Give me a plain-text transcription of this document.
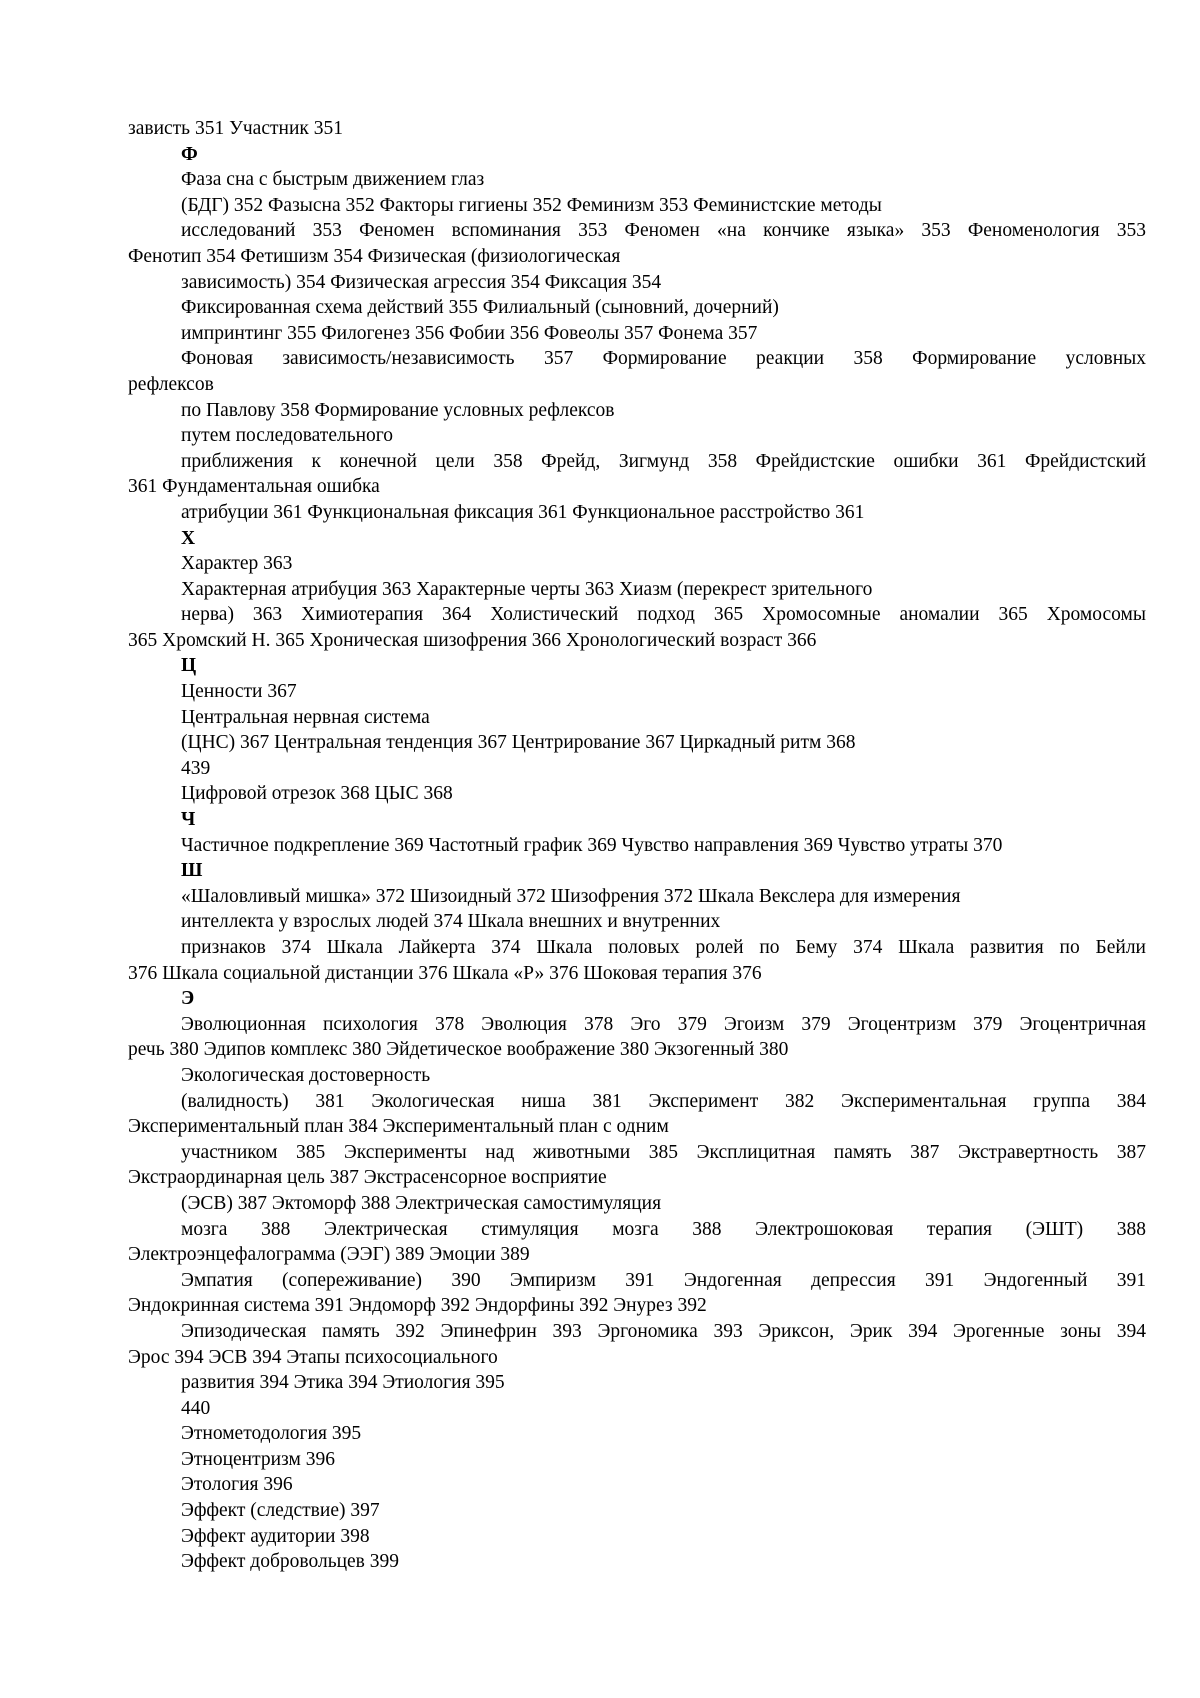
зависть 351 Участник 351
Ф
Фаза сна с быстрым движением глаз
(БДГ) 352 Фазысна 352 Факторы гигиены 352 Феминизм 353 Феминистские методы
исследований 353 Феномен вспоминания 353 Феномен «на кончике языка» 353 Феноменология 353
Фенотип 354 Фетишизм 354 Физическая (физиологическая
зависимость) 354 Физическая агрессия 354 Фиксация 354
Фиксированная схема действий 355 Филиальный (сыновний, дочерний)
импринтинг 355 Филогенез 356 Фобии 356 Фовеолы 357 Фонема 357
Фоновая зависимость/независимость 357 Формирование реакции 358 Формирование условных
рефлексов
по Павлову 358 Формирование условных рефлексов
путем последовательного
приближения к конечной цели 358 Фрейд, Зигмунд 358 Фрейдистские ошибки 361 Фрейдистский
361 Фундаментальная ошибка
атрибуции 361 Функциональная фиксация 361 Функциональное расстройство 361
Х
Характер 363
Характерная атрибуция 363 Характерные черты 363 Хиазм (перекрест зрительного
нерва) 363 Химиотерапия 364 Холистический подход 365 Хромосомные аномалии 365 Хромосомы
365 Хромский Н. 365 Хроническая шизофрения 366 Хронологический возраст 366
Ц
Ценности 367
Центральная нервная система
(ЦНС) 367 Центральная тенденция 367 Центрирование 367 Циркадный ритм 368
439
Цифровой отрезок 368 ЦЫС 368
Ч
Частичное подкрепление 369 Частотный график 369 Чувство направления 369 Чувство утраты 370
Ш
«Шаловливый мишка» 372 Шизоидный 372 Шизофрения 372 Шкала Векслера для измерения
интеллекта у взрослых людей 374 Шкала внешних и внутренних
признаков 374 Шкала Лайкерта 374 Шкала половых ролей по Бему 374 Шкала развития по Бейли
376 Шкала социальной дистанции 376 Шкала «Р» 376 Шоковая терапия 376
Э
Эволюционная психология 378 Эволюция 378 Эго 379 Эгоизм 379 Эгоцентризм 379 Эгоцентричная
речь 380 Эдипов комплекс 380 Эйдетическое воображение 380 Экзогенный 380
Экологическая достоверность
(валидность) 381 Экологическая ниша 381 Эксперимент 382 Экспериментальная группа 384
Экспериментальный план 384 Экспериментальный план с одним
участником 385 Эксперименты над животными 385 Эксплицитная память 387 Экстравертность 387
Экстраординарная цель 387 Экстрасенсорное восприятие
(ЭСВ) 387 Эктоморф 388 Электрическая самостимуляция
мозга 388 Электрическая стимуляция мозга 388 Электрошоковая терапия (ЭШТ) 388
Электроэнцефалограмма (ЭЭГ) 389 Эмоции 389
Эмпатия (сопереживание) 390 Эмпиризм 391 Эндогенная депрессия 391 Эндогенный 391
Эндокринная система 391 Эндоморф 392 Эндорфины 392 Энурез 392
Эпизодическая память 392 Эпинефрин 393 Эргономика 393 Эриксон, Эрик 394 Эрогенные зоны 394
Эрос 394 ЭСВ 394 Этапы психосоциального
развития 394 Этика 394 Этиология 395
440
Этнометодология 395
Этноцентризм 396
Этология 396
Эффект (следствие) 397
Эффект аудитории 398
Эффект добровольцев 399
